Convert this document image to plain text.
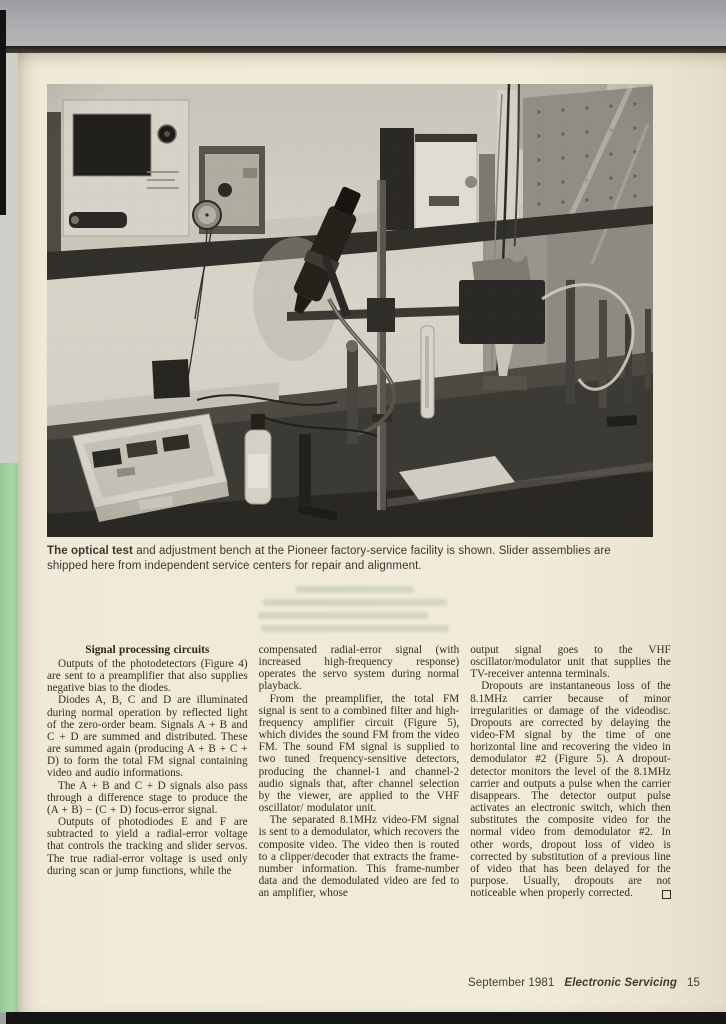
The optical test and adjustment bench at the Pioneer factory-service facility is shown. Slider assemblies are shipped here from independent service centers for repair and alignment.
Signal processing circuits

Outputs of the photodetectors (Figure 4) are sent to a preamplifier that also supplies negative bias to the diodes.

Diodes A, B, C and D are illuminated during normal operation by reflected light of the zero-order beam. Signals A + B and C + D are summed and distributed. These are summed again (producing A + B + C + D) to form the total FM signal containing video and audio informations.

The A + B and C + D signals also pass through a difference stage to produce the (A + B) − (C + D) focus-error signal.

Outputs of photodiodes E and F are subtracted to yield a radial-error voltage that controls the tracking and slider servos. The true radial-error voltage is used only during scan or jump functions, while the

compensated radial-error signal (with increased high-frequency response) operates the servo system during normal playback.

From the preamplifier, the total FM signal is sent to a combined filter and high-frequency amplifier circuit (Figure 5), which divides the sound FM from the video FM. The sound FM signal is supplied to two tuned frequency-sensitive detectors, producing the channel-1 and channel-2 audio signals that, after channel selection by the viewer, are applied to the VHF oscillator/ modulator unit.

The separated 8.1MHz video-FM signal is sent to a demodulator, which recovers the composite video. The video then is routed to a clipper/decoder that extracts the frame-number information. This frame-number data and the demodulated video are fed to an amplifier, whose

output signal goes to the VHF oscillator/modulator unit that supplies the TV-receiver antenna terminals.

Dropouts are instantaneous loss of the 8.1MHz carrier because of minor irregularities or damage of the videodisc. Dropouts are corrected by delaying the video-FM signal by the time of one horizontal line and recovering the video in demodulator #2 (Figure 5). A dropout-detector monitors the level of the 8.1MHz carrier and outputs a pulse when the carrier disappears. The detector output pulse activates an electronic switch, which then substitutes the composite video for the normal video from demodulator #2. In other words, dropout loss of video is corrected by substitution of a previous line of video that has been delayed for the purpose. Usually, dropouts are not noticeable when properly corrected.

September 1981 Electronic Servicing 15
